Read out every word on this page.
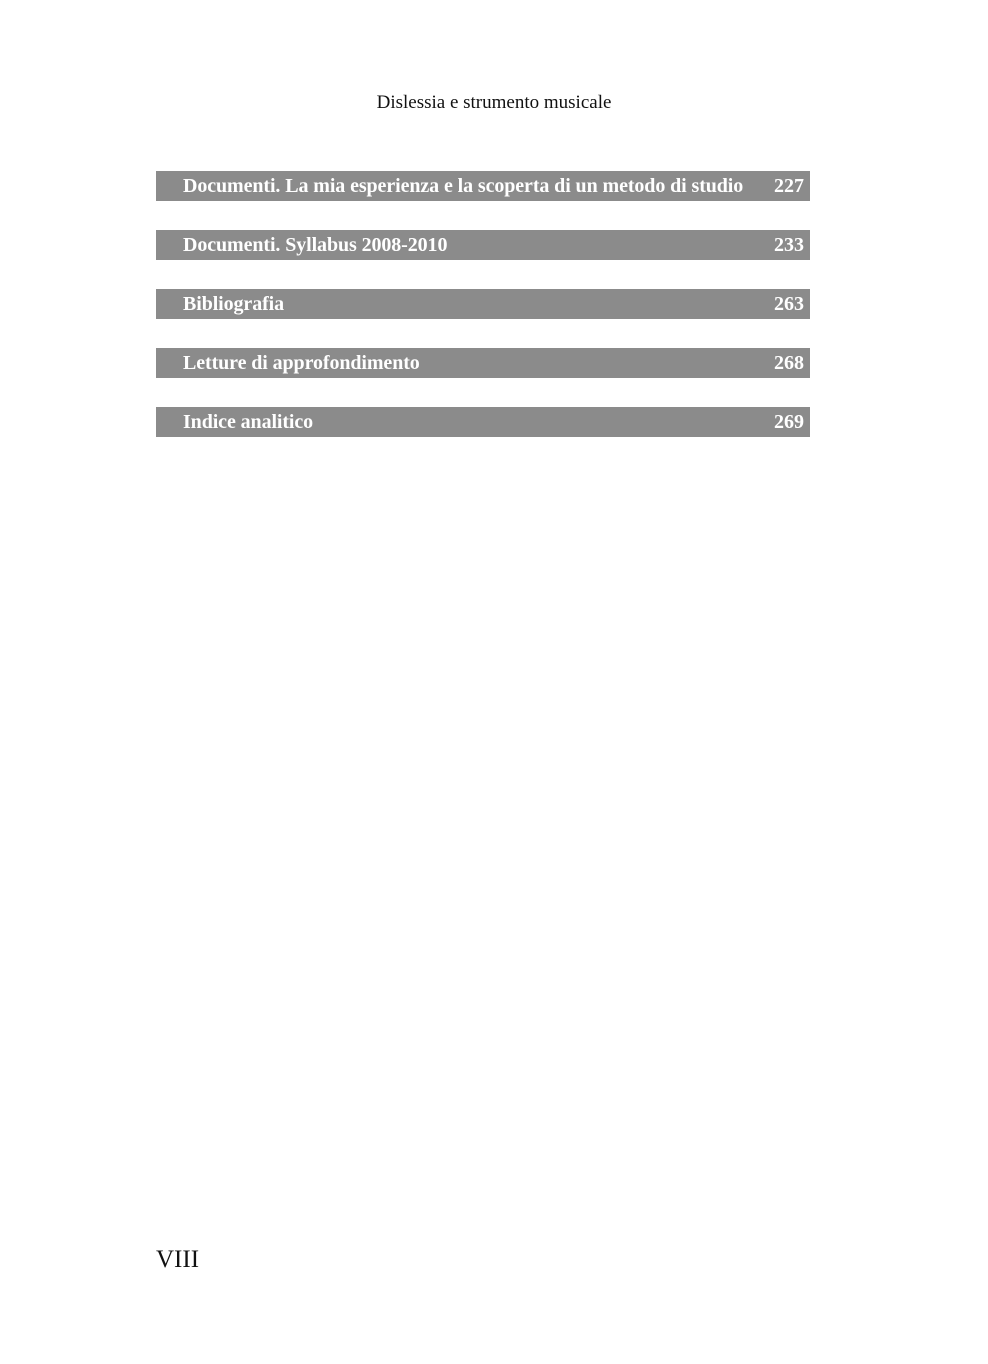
Dislessia e strumento musicale
Documenti. La mia esperienza e la scoperta di un metodo di studio	227
Documenti. Syllabus 2008-2010	233
Bibliografia	263
Letture di approfondimento	268
Indice analitico	269
VIII
